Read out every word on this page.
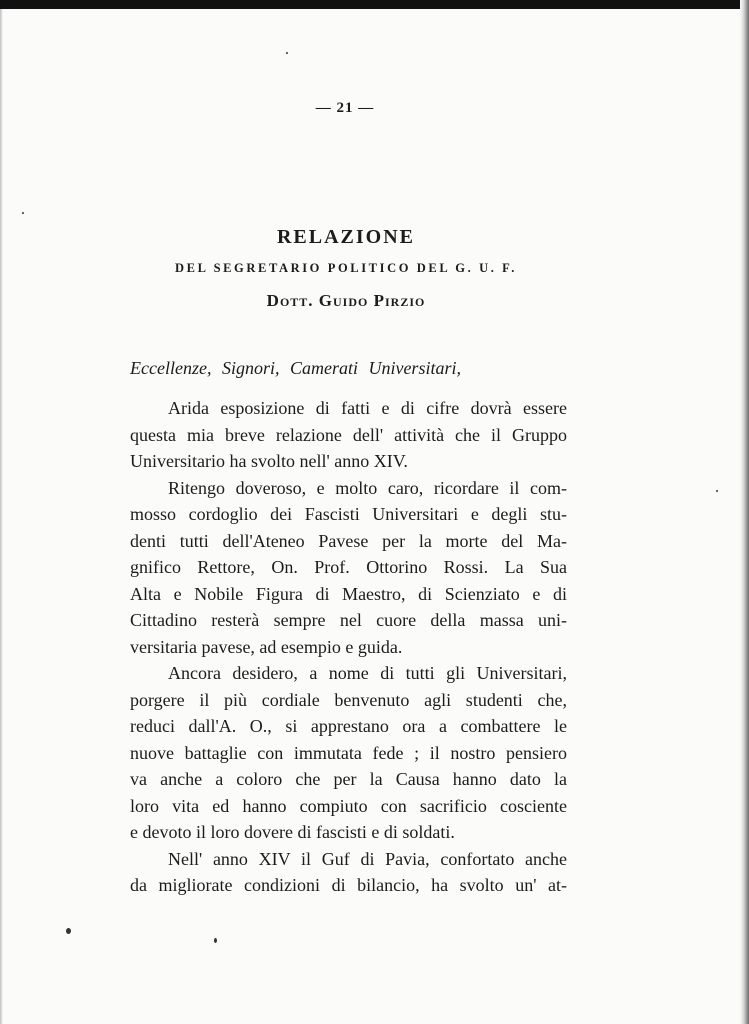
— 21 —
RELAZIONE
DEL SEGRETARIO POLITICO DEL G. U. F.
Dott. Guido Pirzio
Eccellenze, Signori, Camerati Universitari,
Arida esposizione di fatti e di cifre dovrà essere
questa mia breve relazione dell' attività che il Gruppo
Universitario ha svolto nell' anno XIV.
Ritengo doveroso, e molto caro, ricordare il com-
mosso cordoglio dei Fascisti Universitari e degli stu-
denti tutti dell'Ateneo Pavese per la morte del Ma-
gnifico Rettore, On. Prof. Ottorino Rossi. La Sua
Alta e Nobile Figura di Maestro, di Scienziato e di
Cittadino resterà sempre nel cuore della massa uni-
versitaria pavese, ad esempio e guida.
Ancora desidero, a nome di tutti gli Universitari,
porgere il più cordiale benvenuto agli studenti che,
reduci dall'A. O., si apprestano ora a combattere le
nuove battaglie con immutata fede ; il nostro pensiero
va anche a coloro che per la Causa hanno dato la
loro vita ed hanno compiuto con sacrificio cosciente
e devoto il loro dovere di fascisti e di soldati.
Nell' anno XIV il Guf di Pavia, confortato anche
da migliorate condizioni di bilancio, ha svolto un' at-
